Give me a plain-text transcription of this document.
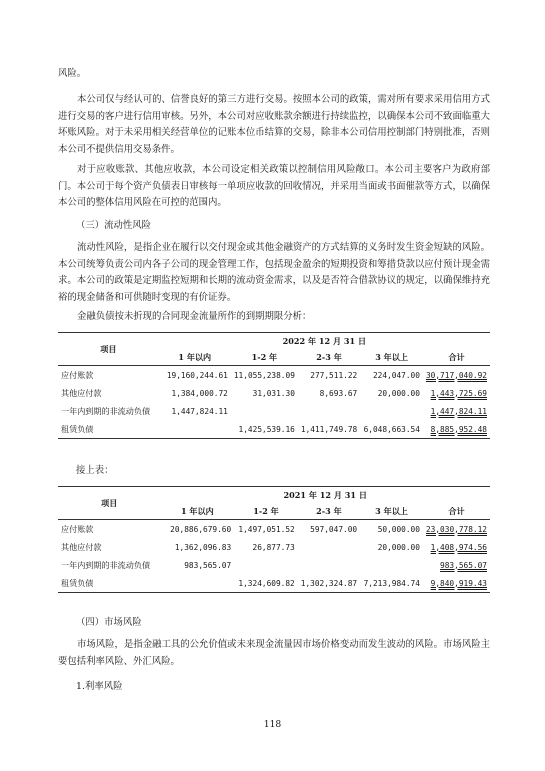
风险。

本公司仅与经认可的、信誉良好的第三方进行交易。按照本公司的政策，需对所有要求采用信用方式进行交易的客户进行信用审核。另外，本公司对应收账款余额进行持续监控，以确保本公司不致面临重大坏账风险。对于未采用相关经营单位的记账本位币结算的交易，除非本公司信用控制部门特别批准，否则本公司不提供信用交易条件。

对于应收账款、其他应收款，本公司设定相关政策以控制信用风险敞口。本公司主要客户为政府部门。本公司于每个资产负债表日审核每一单项应收款的回收情况，并采用当面或书面催款等方式，以确保本公司的整体信用风险在可控的范围内。

（三）流动性风险

流动性风险，是指企业在履行以交付现金或其他金融资产的方式结算的义务时发生资金短缺的风险。本公司统筹负责公司内各子公司的现金管理工作，包括现金盈余的短期投资和筹措贷款以应付预计现金需求。本公司的政策是定期监控短期和长期的流动资金需求，以及是否符合借款协议的规定，以确保维持充裕的现金储备和可供随时变现的有价证券。

金融负债按未折现的合同现金流量所作的到期期限分析：

项目	2022 年 12 月 31 日				
	1 年以内	1-2 年	2-3 年	3 年以上	合计
应付账款	19,160,244.61	11,055,238.09	277,511.22	224,047.00	30,717,040.92
其他应付款	1,384,000.72	31,031.30	8,693.67	20,000.00	1,443,725.69
一年内到期的非流动负债	1,447,824.11				1,447,824.11
租赁负债		1,425,539.16	1,411,749.78	6,048,663.54	8,885,952.48

接上表：

项目	2021 年 12 月 31 日				
	1 年以内	1-2 年	2-3 年	3 年以上	合计
应付账款	20,886,679.60	1,497,051.52	597,047.00	50,000.00	23,030,778.12
其他应付款	1,362,096.83	26,877.73		20,000.00	1,408,974.56
一年内到期的非流动负债	983,565.07				983,565.07
租赁负债		1,324,609.82	1,302,324.87	7,213,984.74	9,840,919.43

（四）市场风险

市场风险，是指金融工具的公允价值或未来现金流量因市场价格变动而发生波动的风险。市场风险主要包括利率风险、外汇风险。

1.利率风险

118
